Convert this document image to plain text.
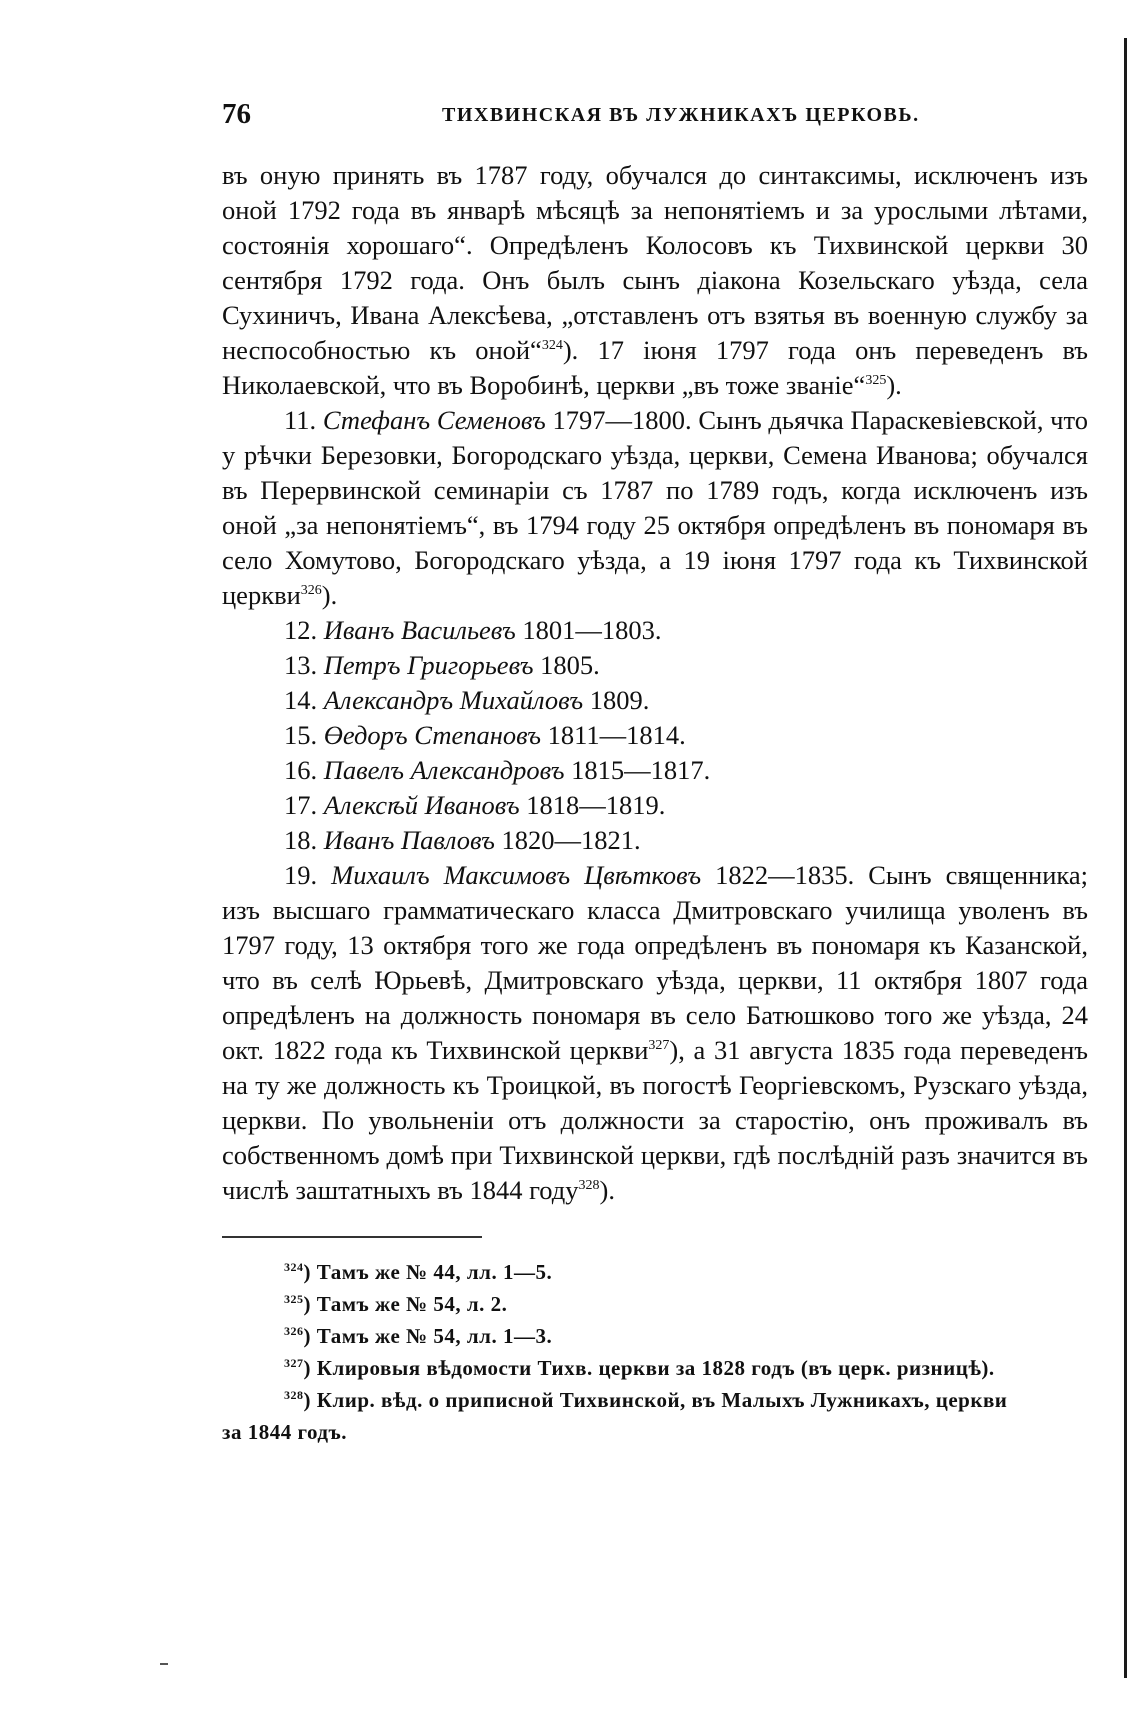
76	ТИХВИНСКАЯ ВЪ ЛУЖНИКАХЪ ЦЕРКОВЬ.

въ оную принять въ 1787 году, обучался до синтаксимы, исключенъ изъ оной 1792 года въ январѣ мѣсяцѣ за непонятіемъ и за урослыми лѣтами, состоянія хорошаго“. Опредѣленъ Колосовъ къ Тихвинской церкви 30 сентября 1792 года. Онъ былъ сынъ діакона Козельскаго уѣзда, села Сухиничъ, Ивана Алексѣева, „отставленъ отъ взятья въ военную службу за неспособностью къ оной“$^{324}$). 17 іюня 1797 года онъ переведенъ въ Николаевской, что въ Воробинѣ, церкви „въ тоже званіе“$^{325}$).

11. Стефанъ Семеновъ 1797—1800. Сынъ дьячка Параскевіевской, что у рѣчки Березовки, Богородскаго уѣзда, церкви, Семена Иванова; обучался въ Перервинской семинаріи съ 1787 по 1789 годъ, когда исключенъ изъ оной „за непонятіемъ“, въ 1794 году 25 октября опредѣленъ въ пономаря въ село Хомутово, Богородскаго уѣзда, а 19 іюня 1797 года къ Тихвинской церкви$^{326}$).

12. Иванъ Васильевъ 1801—1803.

13. Петръ Григорьевъ 1805.

14. Александръ Михайловъ 1809.

15. Өедоръ Степановъ 1811—1814.

16. Павелъ Александровъ 1815—1817.

17. Алексѣй Ивановъ 1818—1819.

18. Иванъ Павловъ 1820—1821.

19. Михаилъ Максимовъ Цвѣтковъ 1822—1835. Сынъ священника; изъ высшаго грамматическаго класса Дмитровскаго училища уволенъ въ 1797 году, 13 октября того же года опредѣленъ въ пономаря къ Казанской, что въ селѣ Юрьевѣ, Дмитровскаго уѣзда, церкви, 11 октября 1807 года опредѣленъ на должность пономаря въ село Батюшково того же уѣзда, 24 окт. 1822 года къ Тихвинской церкви$^{327}$), а 31 августа 1835 года переведенъ на ту же должность къ Троицкой, въ погостѣ Георгіевскомъ, Рузскаго уѣзда, церкви. По увольненіи отъ должности за старостію, онъ проживалъ въ собственномъ домѣ при Тихвинской церкви, гдѣ послѣдній разъ значится въ числѣ заштатныхъ въ 1844 году$^{328}$).

$^{324}$) Тамъ же № 44, лл. 1—5.

$^{325}$) Тамъ же № 54, л. 2.

$^{326}$) Тамъ же № 54, лл. 1—3.

$^{327}$) Клировыя вѣдомости Тихв. церкви за 1828 годъ (въ церк. ризницѣ).

$^{328}$) Клир. вѣд. о приписной Тихвинской, въ Малыхъ Лужникахъ, церкви

за 1844 годъ.
